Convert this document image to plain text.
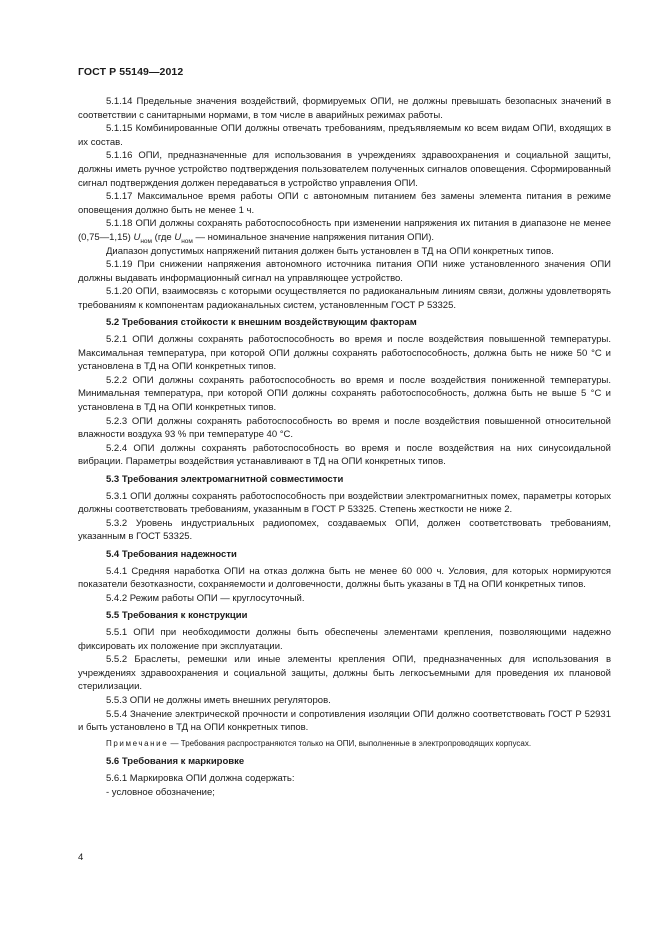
ГОСТ Р 55149—2012

5.1.14 Предельные значения воздействий, формируемых ОПИ, не должны превышать безопасных значений в соответствии с санитарными нормами, в том числе в аварийных режимах работы.

5.1.15 Комбинированные ОПИ должны отвечать требованиям, предъявляемым ко всем видам ОПИ, входящих в их состав.

5.1.16 ОПИ, предназначенные для использования в учреждениях здравоохранения и социальной защиты, должны иметь ручное устройство подтверждения пользователем полученных сигналов оповещения. Сформированный сигнал подтверждения должен передаваться в устройство управления ОПИ.

5.1.17 Максимальное время работы ОПИ с автономным питанием без замены элемента питания в режиме оповещения должно быть не менее 1 ч.

5.1.18 ОПИ должны сохранять работоспособность при изменении напряжения их питания в диапазоне не менее (0,75—1,15) $U_{ном}$ (где $U_{ном}$ — номинальное значение напряжения питания ОПИ).

Диапазон допустимых напряжений питания должен быть установлен в ТД на ОПИ конкретных типов.

5.1.19 При снижении напряжения автономного источника питания ОПИ ниже установленного значения ОПИ должны выдавать информационный сигнал на управляющее устройство.

5.1.20 ОПИ, взаимосвязь с которыми осуществляется по радиоканальным линиям связи, должны удовлетворять требованиям к компонентам радиоканальных систем, установленным ГОСТ Р 53325.

5.2 Требования стойкости к внешним воздействующим факторам

5.2.1 ОПИ должны сохранять работоспособность во время и после воздействия повышенной температуры. Максимальная температура, при которой ОПИ должны сохранять работоспособность, должна быть не ниже 50 °С и установлена в ТД на ОПИ конкретных типов.

5.2.2 ОПИ должны сохранять работоспособность во время и после воздействия пониженной температуры. Минимальная температура, при которой ОПИ должны сохранять работоспособность, должна быть не выше 5 °С и установлена в ТД на ОПИ конкретных типов.

5.2.3 ОПИ должны сохранять работоспособность во время и после воздействия повышенной относительной влажности воздуха 93 % при температуре 40 °С.

5.2.4 ОПИ должны сохранять работоспособность во время и после воздействия на них синусоидальной вибрации. Параметры воздействия устанавливают в ТД на ОПИ конкретных типов.

5.3 Требования электромагнитной совместимости

5.3.1 ОПИ должны сохранять работоспособность при воздействии электромагнитных помех, параметры которых должны соответствовать требованиям, указанным в ГОСТ Р 53325. Степень жесткости не ниже 2.

5.3.2 Уровень индустриальных радиопомех, создаваемых ОПИ, должен соответствовать требованиям, указанным в ГОСТ 53325.

5.4 Требования надежности

5.4.1 Средняя наработка ОПИ на отказ должна быть не менее 60 000 ч. Условия, для которых нормируются показатели безотказности, сохраняемости и долговечности, должны быть указаны в ТД на ОПИ конкретных типов.

5.4.2 Режим работы ОПИ — круглосуточный.

5.5 Требования к конструкции

5.5.1 ОПИ при необходимости должны быть обеспечены элементами крепления, позволяющими надежно фиксировать их положение при эксплуатации.

5.5.2 Браслеты, ремешки или иные элементы крепления ОПИ, предназначенных для использования в учреждениях здравоохранения и социальной защиты, должны быть легкосъемными для проведения их плановой стерилизации.

5.5.3 ОПИ не должны иметь внешних регуляторов.

5.5.4 Значение электрической прочности и сопротивления изоляции ОПИ должно соответствовать ГОСТ Р 52931 и быть установлено в ТД на ОПИ конкретных типов.

Примечание — Требования распространяются только на ОПИ, выполненные в электропроводящих корпусах.

5.6 Требования к маркировке

5.6.1 Маркировка ОПИ должна содержать:

- условное обозначение;

4
